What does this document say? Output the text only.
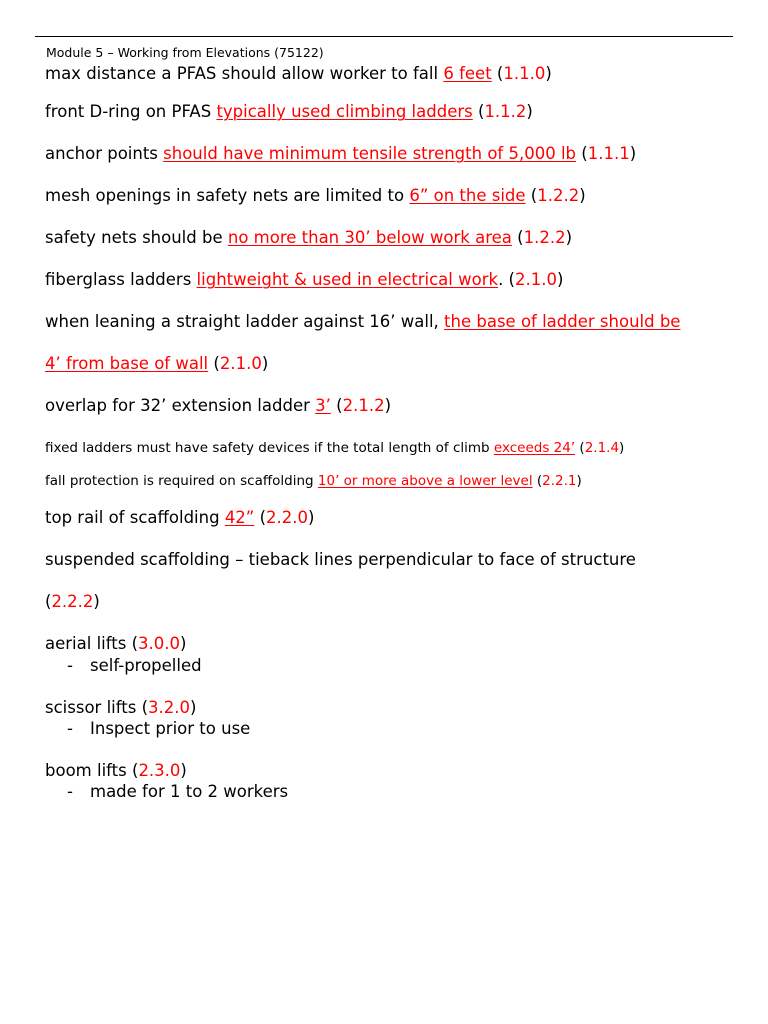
Module 5 – Working from Elevations (75122)
max distance a PFAS should allow worker to fall 6 feet (1.1.0)
front D-ring on PFAS typically used climbing ladders (1.1.2)
anchor points should have minimum tensile strength of 5,000 lb (1.1.1)
mesh openings in safety nets are limited to 6” on the side (1.2.2)
safety nets should be no more than 30’ below work area (1.2.2)
fiberglass ladders lightweight & used in electrical work. (2.1.0)
when leaning a straight ladder against 16’ wall, the base of ladder should be
4’ from base of wall (2.1.0)
overlap for 32’ extension ladder 3’ (2.1.2)
fixed ladders must have safety devices if the total length of climb exceeds 24’ (2.1.4)
fall protection is required on scaffolding 10’ or more above a lower level (2.2.1)
top rail of scaffolding 42” (2.2.0)
suspended scaffolding – tieback lines perpendicular to face of structure
(2.2.2)
aerial lifts (3.0.0)
- self-propelled
scissor lifts (3.2.0)
- Inspect prior to use
boom lifts (2.3.0)
- made for 1 to 2 workers
